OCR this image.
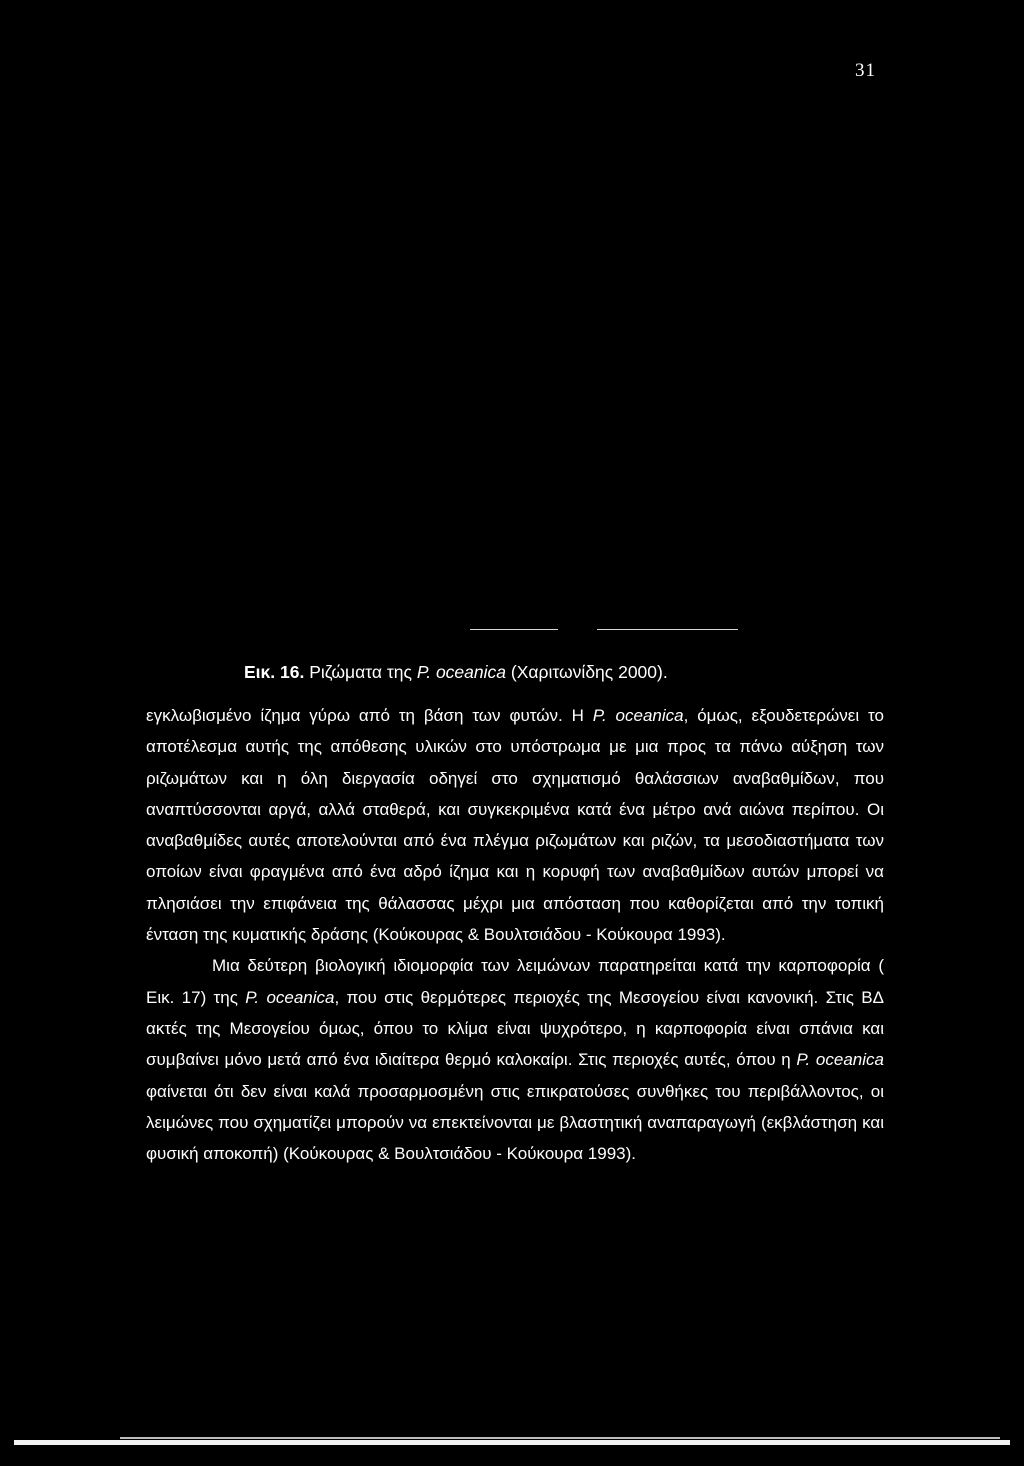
31
Εικ. 16. Ριζώματα της P. oceanica (Χαριτωνίδης 2000).

εγκλωβισμένο ίζημα γύρω από τη βάση των φυτών. Η P. oceanica, όμως, εξουδετερώνει το αποτέλεσμα αυτής της απόθεσης υλικών στο υπόστρωμα με μια προς τα πάνω αύξηση των ριζωμάτων και η όλη διεργασία οδηγεί στο σχηματισμό θαλάσσιων αναβαθμίδων, που αναπτύσσονται αργά, αλλά σταθερά, και συγκεκριμένα κατά ένα μέτρο ανά αιώνα περίπου. Οι αναβαθμίδες αυτές αποτελούνται από ένα πλέγμα ριζωμάτων και ριζών, τα μεσοδιαστήματα των οποίων είναι φραγμένα από ένα αδρό ίζημα και η κορυφή των αναβαθμίδων αυτών μπορεί να πλησιάσει την επιφάνεια της θάλασσας μέχρι μια απόσταση που καθορίζεται από την τοπική ένταση της κυματικής δράσης (Κούκουρας & Βουλτσιάδου - Κούκουρα 1993).

Μια δεύτερη βιολογική ιδιομορφία των λειμώνων παρατηρείται κατά την καρποφορία ( Εικ. 17) της P. oceanica, που στις θερμότερες περιοχές της Μεσογείου είναι κανονική. Στις ΒΔ ακτές της Μεσογείου όμως, όπου το κλίμα είναι ψυχρότερο, η καρποφορία είναι σπάνια και συμβαίνει μόνο μετά από ένα ιδιαίτερα θερμό καλοκαίρι. Στις περιοχές αυτές, όπου η P. oceanica φαίνεται ότι δεν είναι καλά προσαρμοσμένη στις επικρατούσες συνθήκες του περιβάλλοντος, οι λειμώνες που σχηματίζει μπορούν να επεκτείνονται με βλαστητική αναπαραγωγή (εκβλάστηση και φυσική αποκοπή) (Κούκουρας & Βουλτσιάδου - Κούκουρα 1993).
